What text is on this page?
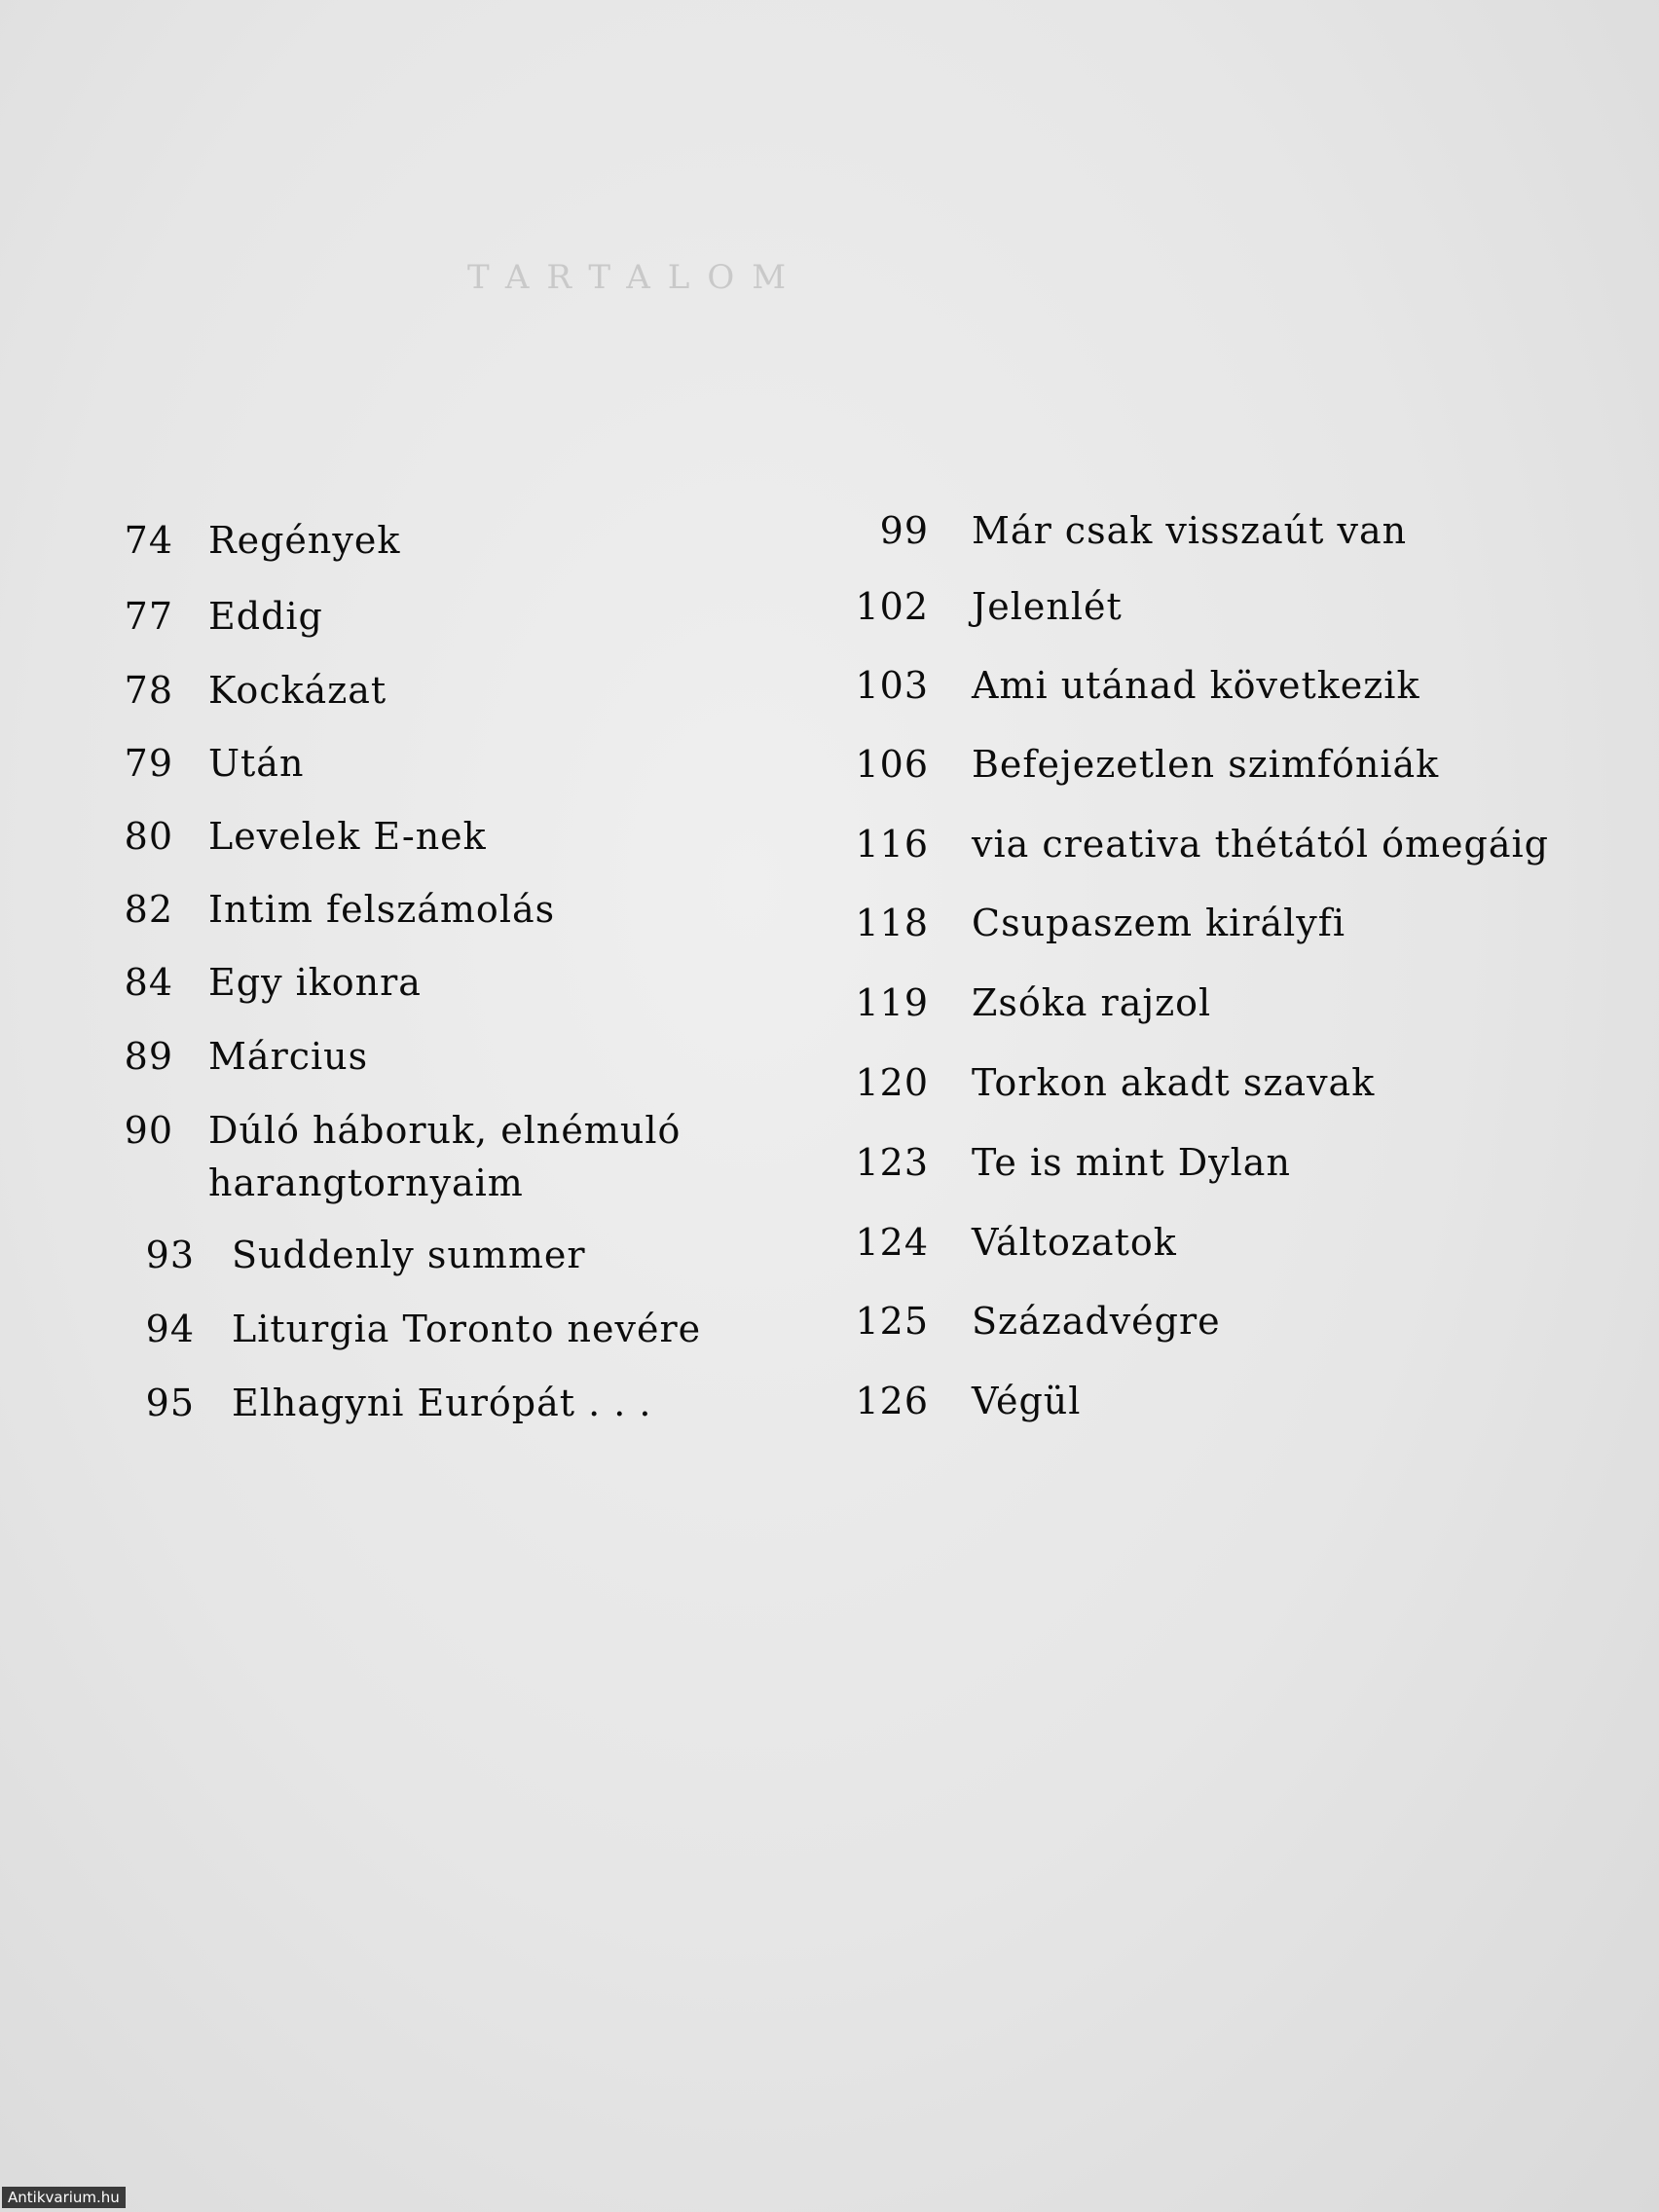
TARTALOM
74 Regények
77 Eddig
78 Kockázat
79 Után
80 Levelek E-nek
82 Intim felszámolás
84 Egy ikonra
89 Március
90 Dúló háboruk, elnémuló harangtornyaim
93 Suddenly summer
94 Liturgia Toronto nevére
95 Elhagyni Európát . . .
99 Már csak visszaút van
102 Jelenlét
103 Ami utánad következik
106 Befejezetlen szimfóniák
116 via creativa thétától ómegáig
118 Csupaszem királyfi
119 Zsóka rajzol
120 Torkon akadt szavak
123 Te is mint Dylan
124 Változatok
125 Századvégre
126 Végül
Antikvarium.hu
